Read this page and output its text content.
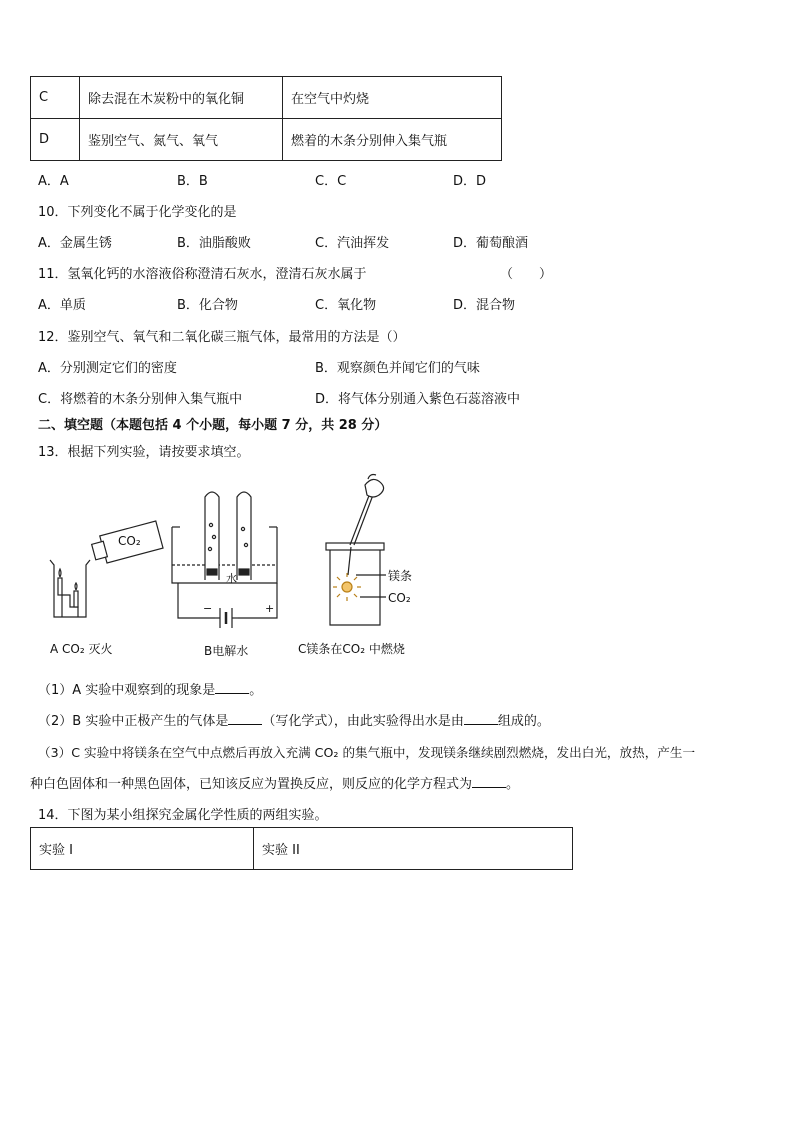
C	除去混在木炭粉中的氧化铜	在空气中灼烧
D	鉴别空气、氮气、氧气	燃着的木条分别伸入集气瓶
A．A	B．B	C．C	D．D
10．下列变化不属于化学变化的是
A．金属生锈	B．油脂酸败	C．汽油挥发	D．葡萄酿酒
11．氢氧化钙的水溶液俗称澄清石灰水，澄清石灰水属于	（　　）
A．单质	B．化合物	C．氧化物	D．混合物
12．鉴别空气、氧气和二氧化碳三瓶气体，最常用的方法是（）
A．分别测定它们的密度	B．观察颜色并闻它们的气味
C．将燃着的木条分别伸入集气瓶中	D．将气体分别通入紫色石蕊溶液中
二、填空题（本题包括 4 个小题，每小题 7 分，共 28 分）
13．根据下列实验，请按要求填空。
CO₂
水
−	+
镁条
CO₂
A CO₂ 灭火	B电解水	C镁条在CO₂ 中燃烧
（1）A 实验中观察到的现象是	。
（2）B 实验中正极产生的气体是	（写化学式），由此实验得出水是由	组成的。
（3）C 实验中将镁条在空气中点燃后再放入充满 CO₂ 的集气瓶中，发现镁条继续剧烈燃烧，发出白光，放热，产生一
种白色固体和一种黑色固体，已知该反应为置换反应，则反应的化学方程式为	。
14．下图为某小组探究金属化学性质的两组实验。
实验 I	实验 II
